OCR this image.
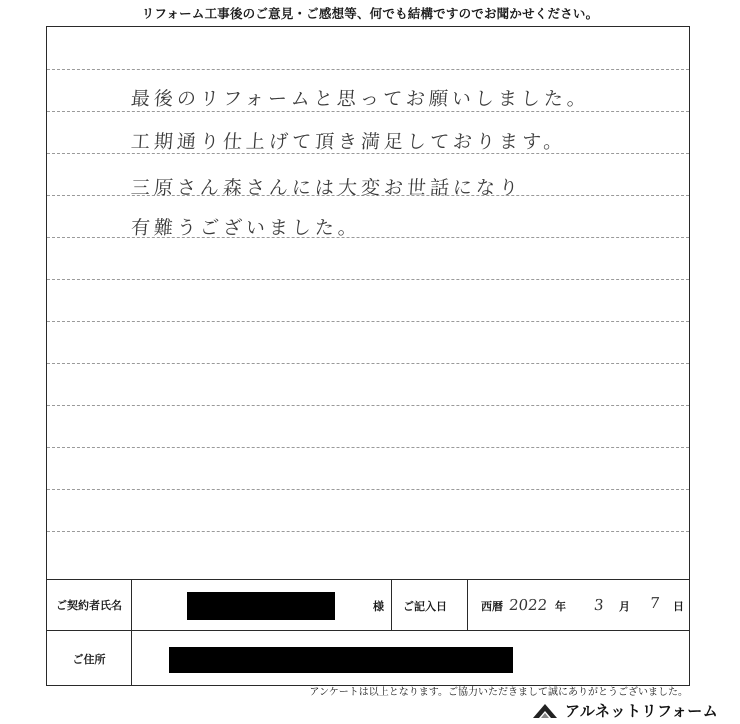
リフォーム工事後のご意見・ご感想等、何でも結構ですのでお聞かせください。
最後のリフォームと思ってお願いしました。
工期通り仕上げて頂き満足しております。
三原さん森さんには大変お世話になり
有難うございました。
ご契約者氏名	様 ご記入日	西暦 2022 年 3 月 7 日
ご住所
アンケートは以上となります。ご協力いただきまして誠にありがとうございました。
アルネットリフォーム
